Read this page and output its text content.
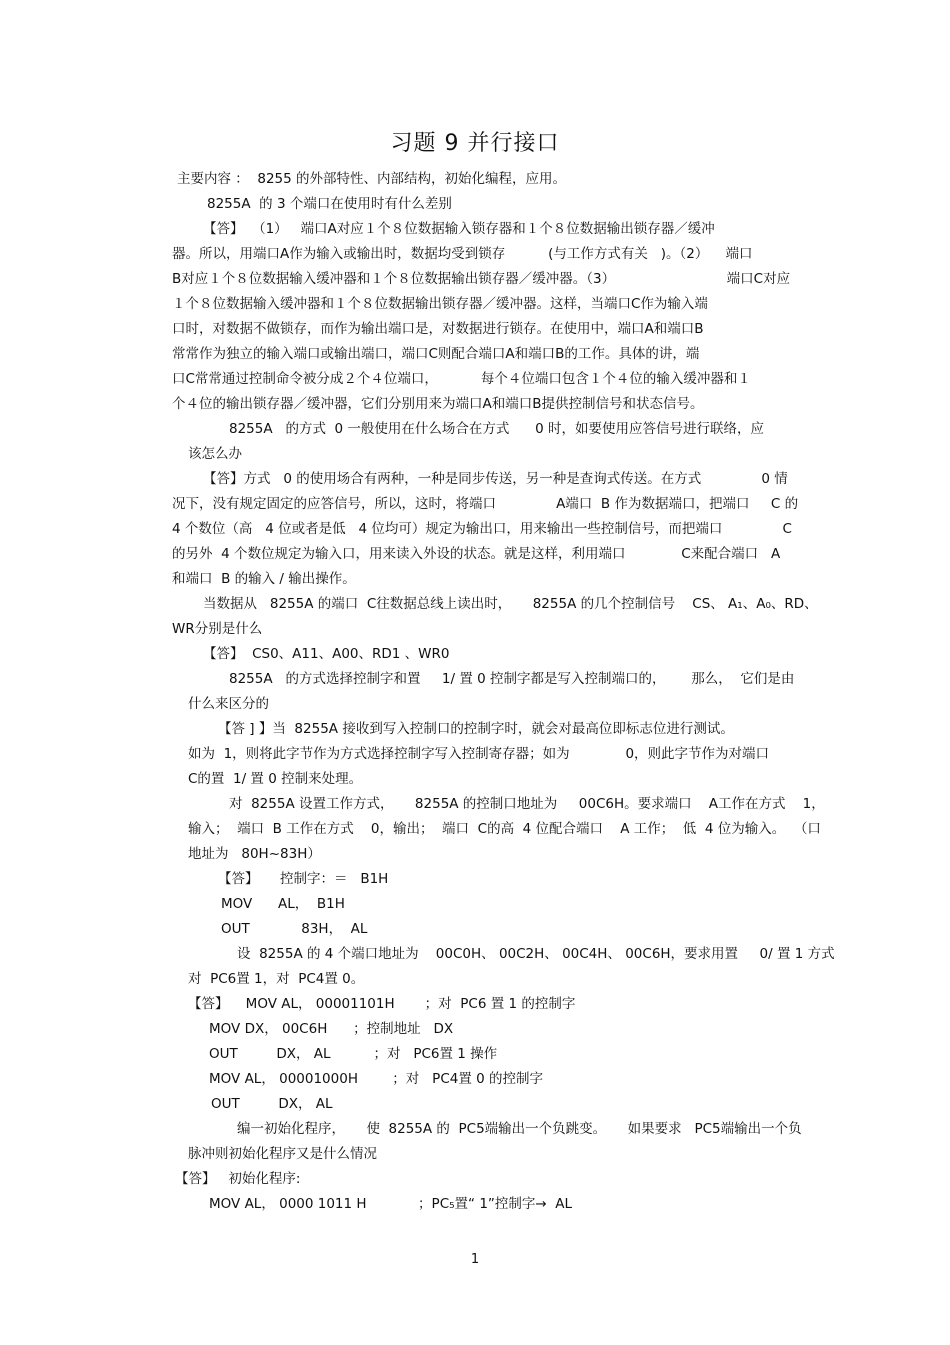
习题 9 并行接口
主要内容 ：  8255 的外部特性、内部结构，初始化编程，应用。
8255A  的 3 个端口在使用时有什么差别
【答】  （1）   端口A对应１个８位数据输入锁存器和１个８位数据输出锁存器／缓冲
器。所以，用端口A作为输入或输出时，数据均受到锁存          (与工作方式有关   )。（2）    端口
B对应１个８位数据输入缓冲器和１个８位数据输出锁存器／缓冲器。（3）                          端口C对应
１个８位数据输入缓冲器和１个８位数据输出锁存器／缓冲器。这样，当端口C作为输入端
口时，对数据不做锁存，而作为输出端口是，对数据进行锁存。在使用中，端口A和端口B
常常作为独立的输入端口或输出端口，端口C则配合端口A和端口B的工作。具体的讲，端
口C常常通过控制命令被分成２个４位端口，          每个４位端口包含１个４位的输入缓冲器和１
个４位的输出锁存器／缓冲器，它们分别用来为端口A和端口B提供控制信号和状态信号。
8255A   的方式  0 一般使用在什么场合在方式      0 时，如要使用应答信号进行联络，应
该怎么办
【答】方式   0 的使用场合有两种，一种是同步传送，另一种是查询式传送。在方式              0 情
况下，没有规定固定的应答信号，所以，这时，将端口              A端口  B 作为数据端口，把端口     C 的
4 个数位（高   4 位或者是低   4 位均可）规定为输出口，用来输出一些控制信号，而把端口              C
的另外  4 个数位规定为输入口，用来读入外设的状态。就是这样，利用端口             C来配合端口   A
和端口  B 的输入 / 输出操作。
当数据从   8255A 的端口  C往数据总线上读出时，     8255A 的几个控制信号    CS、 A₁、A₀、RD、
WR分别是什么
【答】  CS0、A11、A00、RD1 、WR0
8255A   的方式选择控制字和置     1/ 置 0 控制字都是写入控制端口的，      那么，  它们是由
什么来区分的
【答 ] 】当  8255A 接收到写入控制口的控制字时，就会对最高位即标志位进行测试。
如为  1，则将此字节作为方式选择控制字写入控制寄存器；如为             0，则此字节作为对端口
C的置  1/ 置 0 控制来处理。
对  8255A 设置工作方式，     8255A 的控制口地址为     00C6H。要求端口    A工作在方式    1，
输入；  端口  B 工作在方式    0，输出；  端口  C的高  4 位配合端口    A 工作；  低  4 位为输入。  （口
地址为   80H~83H）
【答】     控制字：＝   B1H
MOV      AL，  B1H
OUT            83H，  AL
设  8255A 的 4 个端口地址为    00C0H、 00C2H、 00C4H、 00C6H，要求用置     0/ 置 1 方式
对  PC6置 1，对  PC4置 0。
【答】    MOV AL， 00001101H       ；对  PC6 置 1 的控制字
MOV DX， 00C6H      ；控制地址   DX
OUT         DX， AL          ；对   PC6置 1 操作
MOV AL， 00001000H        ；对   PC4置 0 的控制字
OUT         DX， AL
编一初始化程序，     使  8255A 的  PC5端输出一个负跳变。     如果要求   PC5端输出一个负
脉冲则初始化程序又是什么情况
【答】   初始化程序:
MOV AL， 0000 1011 H            ；PC₅置“ 1”控制字→  AL
1
